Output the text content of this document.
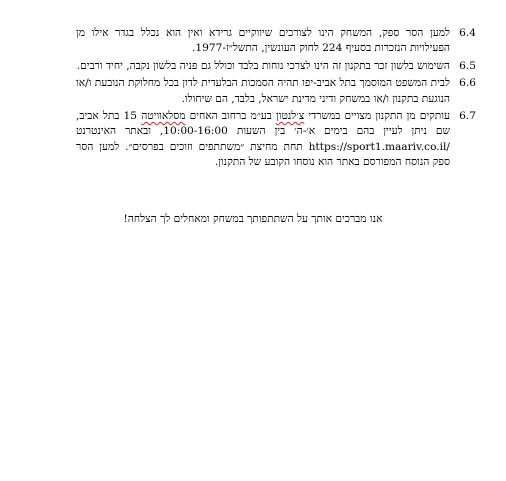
6.4
למען הסר ספק, המשחק הינו לצורכים שיווקיים גרידא ואין הוא נכלל בגדר אילו מן הפעילויות הנזכרות בסעיף 224 לחוק העונשין, התשל״ז-1977.
6.5
השימוש בלשון זכר בתקנון זה הינו לצרכי נוחות בלבד וכולל גם פניה בלשון נקבה, יחיד ורבים.
6.6
לבית המשפט המוסמך בתל אביב-יפו תהיה הסמכות הבלעדית לדון בכל מחלוקת הנובעת ו/או הנוגעת בתקנון ו/או במשחק ודיני מדינת ישראל, בלבד, הם שיחולו.
6.7
עותקים מן התקנון מצויים במשרדי צ׳לנטון בע״מ ברחוב האחים מסלאוויטה 15 בתל אביב, שם ניתן לעיין בהם בימים א׳-ה׳ בין השעות 10:00-16:00, ובאתר האינטרנט https://sport1.maariv.co.il/ תחת מחיצת ״משתתפים וזוכים בפרסים״. למען הסר ספק הנוסח המפורסם באתר הוא נוסחו הקובע של התקנון.
אנו מברכים אותך על השתתפותך במשחק ומאחלים לך הצלחה!
